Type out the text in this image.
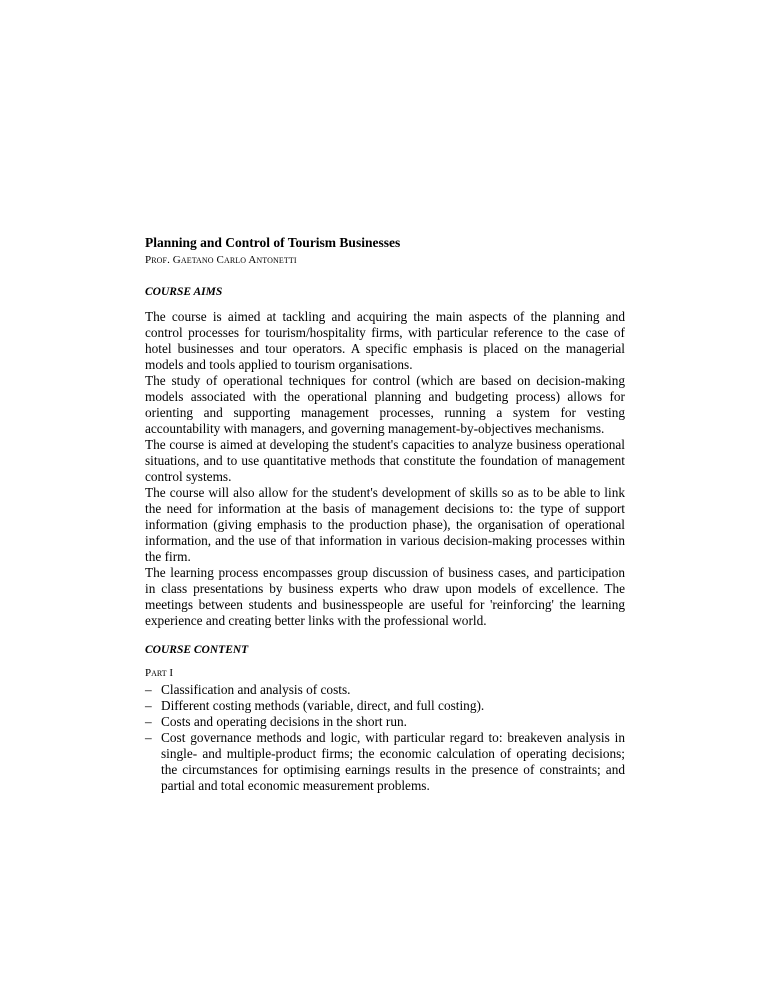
Planning and Control of Tourism Businesses
Prof. Gaetano Carlo Antonetti
COURSE AIMS

The course is aimed at tackling and acquiring the main aspects of the planning and control processes for tourism/hospitality firms, with particular reference to the case of hotel businesses and tour operators. A specific emphasis is placed on the managerial models and tools applied to tourism organisations.

The study of operational techniques for control (which are based on decision-making models associated with the operational planning and budgeting process) allows for orienting and supporting management processes, running a system for vesting accountability with managers, and governing management-by-objectives mechanisms.

The course is aimed at developing the student's capacities to analyze business operational situations, and to use quantitative methods that constitute the foundation of management control systems.

The course will also allow for the student's development of skills so as to be able to link the need for information at the basis of management decisions to: the type of support information (giving emphasis to the production phase), the organisation of operational information, and the use of that information in various decision-making processes within the firm.

The learning process encompasses group discussion of business cases, and participation in class presentations by business experts who draw upon models of excellence. The meetings between students and businesspeople are useful for 'reinforcing' the learning experience and creating better links with the professional world.

COURSE CONTENT
Part I
– Classification and analysis of costs.
– Different costing methods (variable, direct, and full costing).
– Costs and operating decisions in the short run.
– Cost governance methods and logic, with particular regard to: breakeven analysis in single- and multiple-product firms; the economic calculation of operating decisions; the circumstances for optimising earnings results in the presence of constraints; and partial and total economic measurement problems.
